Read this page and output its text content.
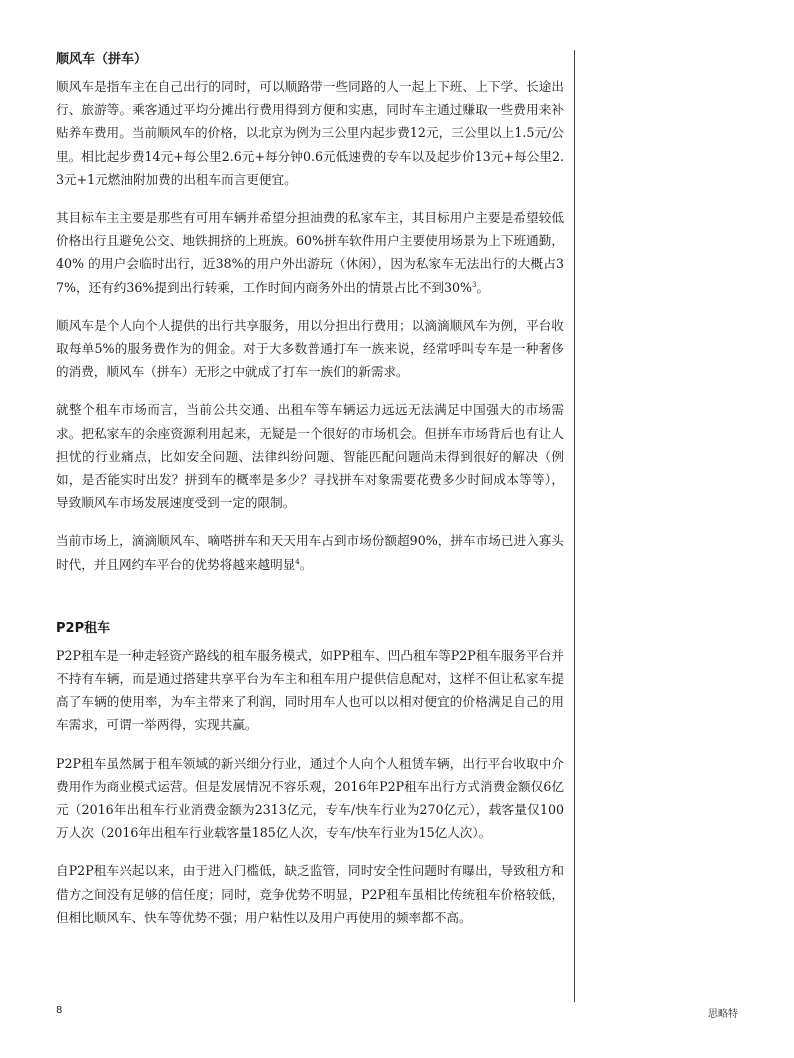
顺风车（拼车）

顺风车是指车主在自己出行的同时，可以顺路带一些同路的人一起上下班、上下学、长途出行、旅游等。乘客通过平均分摊出行费用得到方便和实惠，同时车主通过赚取一些费用来补贴养车费用。当前顺风车的价格，以北京为例为三公里内起步费12元，三公里以上1.5元/公里。相比起步费14元+每公里2.6元+每分钟0.6元低速费的专车以及起步价13元+每公里2.3元+1元燃油附加费的出租车而言更便宜。

其目标车主主要是那些有可用车辆并希望分担油费的私家车主，其目标用户主要是希望较低价格出行且避免公交、地铁拥挤的上班族。60%拼车软件用户主要使用场景为上下班通勤，40% 的用户会临时出行，近38%的用户外出游玩（休闲），因为私家车无法出行的大概占37%，还有约36%提到出行转乘，工作时间内商务外出的情景占比不到30%$^3$。

顺风车是个人向个人提供的出行共享服务，用以分担出行费用；以滴滴顺风车为例，平台收取每单5%的服务费作为的佣金。对于大多数普通打车一族来说，经常呼叫专车是一种奢侈的消费，顺风车（拼车）无形之中就成了打车一族们的新需求。

就整个租车市场而言，当前公共交通、出租车等车辆运力远远无法满足中国强大的市场需求。把私家车的余座资源利用起来，无疑是一个很好的市场机会。但拼车市场背后也有让人担忧的行业痛点，比如安全问题、法律纠纷问题、智能匹配问题尚未得到很好的解决（例如，是否能实时出发？拼到车的概率是多少？寻找拼车对象需要花费多少时间成本等等），导致顺风车市场发展速度受到一定的限制。

当前市场上，滴滴顺风车、嘀嗒拼车和天天用车占到市场份额超90%，拼车市场已进入寡头时代，并且网约车平台的优势将越来越明显$^4$。

P2P租车

P2P租车是一种走轻资产路线的租车服务模式，如PP租车、凹凸租车等P2P租车服务平台并不持有车辆，而是通过搭建共享平台为车主和租车用户提供信息配对，这样不但让私家车提高了车辆的使用率，为车主带来了利润，同时用车人也可以以相对便宜的价格满足自己的用车需求，可谓一举两得，实现共赢。

P2P租车虽然属于租车领域的新兴细分行业，通过个人向个人租赁车辆，出行平台收取中介费用作为商业模式运营。但是发展情况不容乐观，2016年P2P租车出行方式消费金额仅6亿元（2016年出租车行业消费金额为2313亿元，专车/快车行业为270亿元），载客量仅100万人次（2016年出租车行业载客量185亿人次，专车/快车行业为15亿人次）。

自P2P租车兴起以来，由于进入门槛低，缺乏监管，同时安全性问题时有曝出，导致租方和借方之间没有足够的信任度；同时，竞争优势不明显，P2P租车虽相比传统租车价格较低，但相比顺风车、快车等优势不强；用户粘性以及用户再使用的频率都不高。

8	思略特
